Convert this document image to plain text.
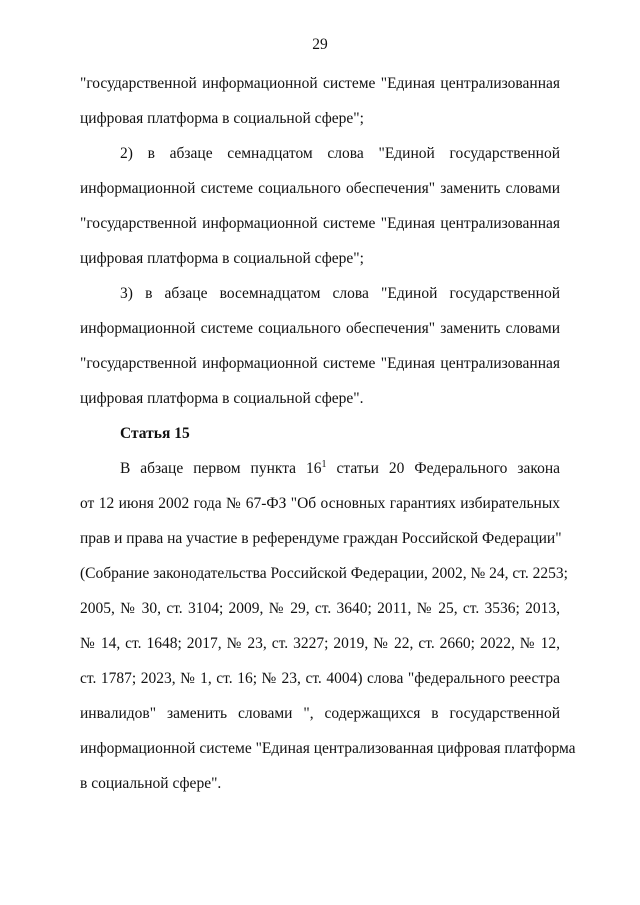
29
"государственной информационной системе "Единая централизованная
цифровая платформа в социальной сфере";
2) в абзаце семнадцатом слова "Единой государственной
информационной системе социального обеспечения" заменить словами
"государственной информационной системе "Единая централизованная
цифровая платформа в социальной сфере";
3) в абзаце восемнадцатом слова "Единой государственной
информационной системе социального обеспечения" заменить словами
"государственной информационной системе "Единая централизованная
цифровая платформа в социальной сфере".
Статья 15
В абзаце первом пункта $16^1$ статьи 20 Федерального закона
от 12 июня 2002 года № 67-ФЗ "Об основных гарантиях избирательных
прав и права на участие в референдуме граждан Российской Федерации"
(Собрание законодательства Российской Федерации, 2002, № 24, ст. 2253;
2005, № 30, ст. 3104; 2009, № 29, ст. 3640; 2011, № 25, ст. 3536; 2013,
№ 14, ст. 1648; 2017, № 23, ст. 3227; 2019, № 22, ст. 2660; 2022, № 12,
ст. 1787; 2023, № 1, ст. 16; № 23, ст. 4004) слова "федерального реестра
инвалидов" заменить словами ", содержащихся в государственной
информационной системе "Единая централизованная цифровая платформа
в социальной сфере".
